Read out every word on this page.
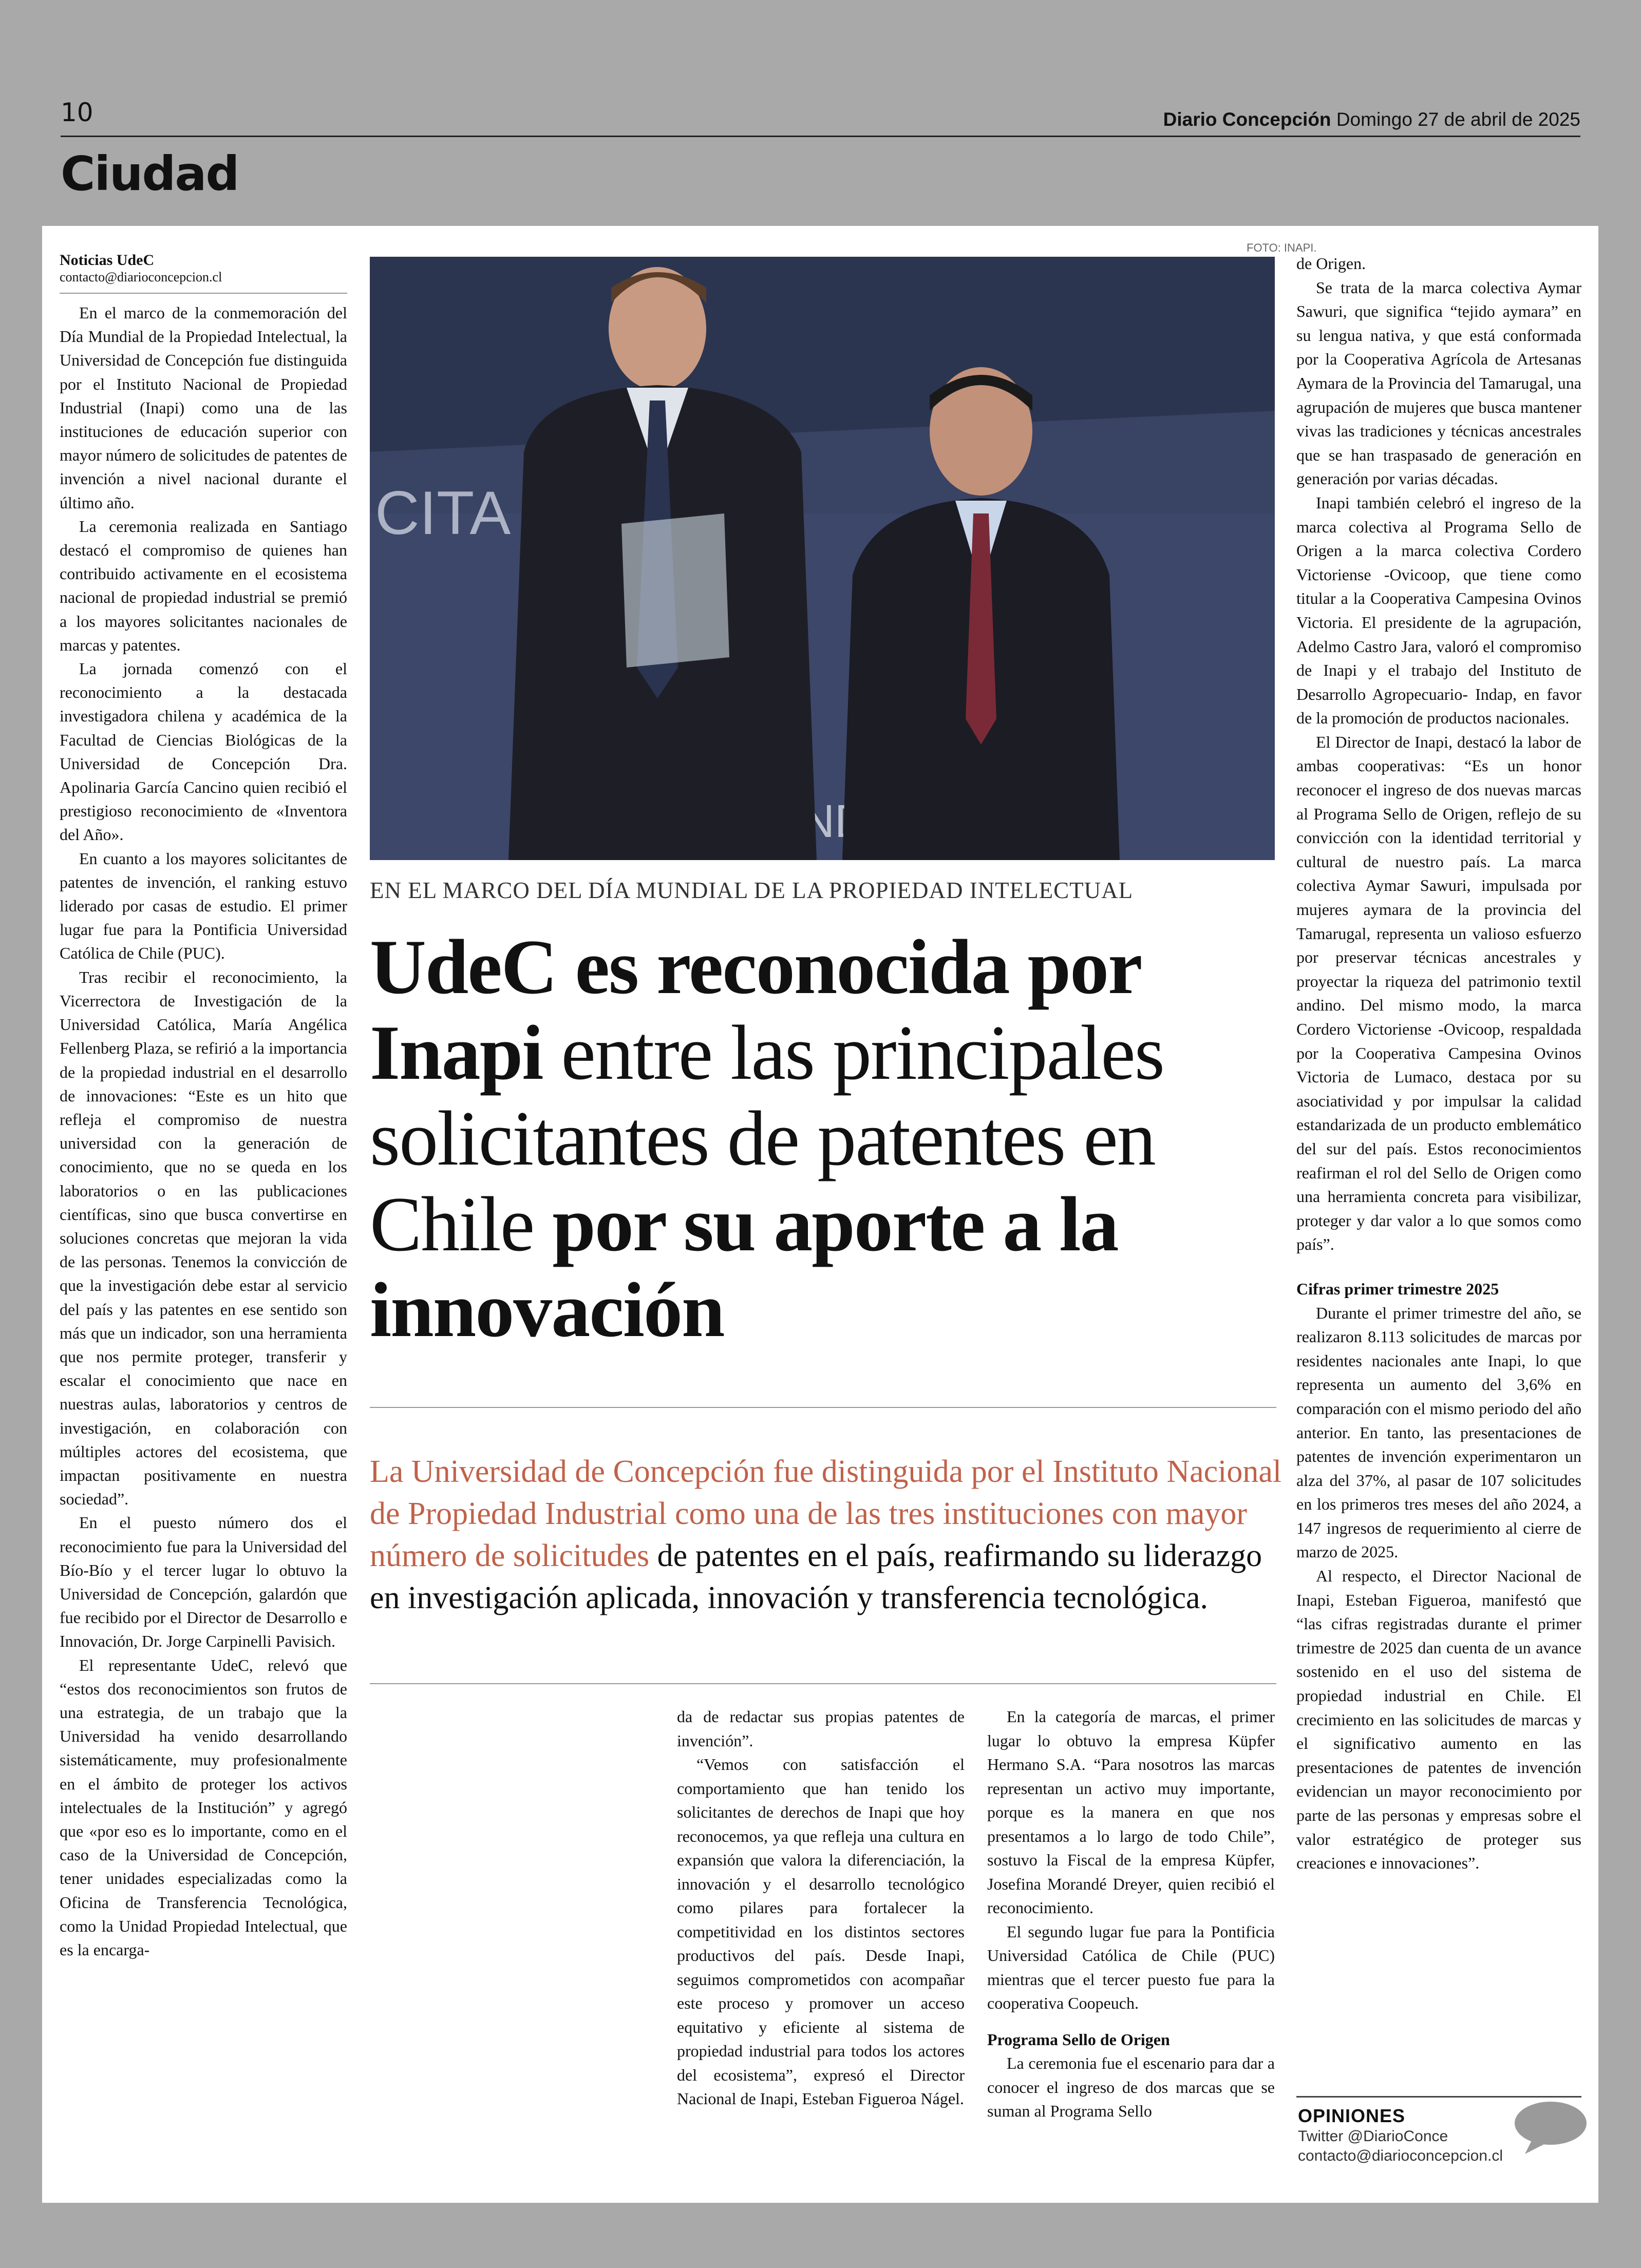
10	Diario Concepción Domingo 27 de abril de 2025
Ciudad
Noticias UdeC
contacto@diarioconcepcion.cl

En el marco de la conmemoración del Día Mundial de la Propiedad Intelectual, la Universidad de Concepción fue distinguida por el Instituto Nacional de Propiedad Industrial (Inapi) como una de las instituciones de educación superior con mayor número de solicitudes de patentes de invención a nivel nacional durante el último año.

La ceremonia realizada en Santiago destacó el compromiso de quienes han contribuido activamente en el ecosistema nacional de propiedad industrial se premió a los mayores solicitantes nacionales de marcas y patentes.

La jornada comenzó con el reconocimiento a la destacada investigadora chilena y académica de la Facultad de Ciencias Biológicas de la Universidad de Concepción Dra. Apolinaria García Cancino quien recibió el prestigioso reconocimiento de «Inventora del Año».

En cuanto a los mayores solicitantes de patentes de invención, el ranking estuvo liderado por casas de estudio. El primer lugar fue para la Pontificia Universidad Católica de Chile (PUC).

Tras recibir el reconocimiento, la Vicerrectora de Investigación de la Universidad Católica, María Angélica Fellenberg Plaza, se refirió a la importancia de la propiedad industrial en el desarrollo de innovaciones: “Este es un hito que refleja el compromiso de nuestra universidad con la generación de conocimiento, que no se queda en los laboratorios o en las publicaciones científicas, sino que busca convertirse en soluciones concretas que mejoran la vida de las personas. Tenemos la convicción de que la investigación debe estar al servicio del país y las patentes en ese sentido son más que un indicador, son una herramienta que nos permite proteger, transferir y escalar el conocimiento que nace en nuestras aulas, laboratorios y centros de investigación, en colaboración con múltiples actores del ecosistema, que impactan positivamente en nuestra sociedad”.

En el puesto número dos el reconocimiento fue para la Universidad del Bío-Bío y el tercer lugar lo obtuvo la Universidad de Concepción, galardón que fue recibido por el Director de Desarrollo e Innovación, Dr. Jorge Carpinelli Pavisich.

El representante UdeC, relevó que “estos dos reconocimientos son frutos de una estrategia, de un trabajo que la Universidad ha venido desarrollando sistemáticamente, muy profesionalmente en el ámbito de proteger los activos intelectuales de la Institución” y agregó que «por eso es lo importante, como en el caso de la Universidad de Concepción, tener unidades especializadas como la Oficina de Transferencia Tecnológica, como la Unidad Propiedad Intelectual, que es la encarga-

FOTO: INAPI.
CITA
EN EL MARCO DEL DÍA MUNDIAL DE LA PROPIEDAD INTELECTUAL
UdeC es reconocida por Inapi entre las principales solicitantes de patentes en Chile por su aporte a la innovación
La Universidad de Concepción fue distinguida por el Instituto Nacional de Propiedad Industrial como una de las tres instituciones con mayor número de solicitudes de patentes en el país, reafirmando su liderazgo en investigación aplicada, innovación y transferencia tecnológica.

da de redactar sus propias patentes de invención”.

“Vemos con satisfacción el comportamiento que han tenido los solicitantes de derechos de Inapi que hoy reconocemos, ya que refleja una cultura en expansión que valora la diferenciación, la innovación y el desarrollo tecnológico como pilares para fortalecer la competitividad en los distintos sectores productivos del país. Desde Inapi, seguimos comprometidos con acompañar este proceso y promover un acceso equitativo y eficiente al sistema de propiedad industrial para todos los actores del ecosistema”, expresó el Director Nacional de Inapi, Esteban Figueroa Nágel.

En la categoría de marcas, el primer lugar lo obtuvo la empresa Küpfer Hermano S.A. “Para nosotros las marcas representan un activo muy importante, porque es la manera en que nos presentamos a lo largo de todo Chile”, sostuvo la Fiscal de la empresa Küpfer, Josefina Morandé Dreyer, quien recibió el reconocimiento.

El segundo lugar fue para la Pontificia Universidad Católica de Chile (PUC) mientras que el tercer puesto fue para la cooperativa Coopeuch.

Programa Sello de Origen

La ceremonia fue el escenario para dar a conocer el ingreso de dos marcas que se suman al Programa Sello

de Origen.

Se trata de la marca colectiva Aymar Sawuri, que significa “tejido aymara” en su lengua nativa, y que está conformada por la Cooperativa Agrícola de Artesanas Aymara de la Provincia del Tamarugal, una agrupación de mujeres que busca mantener vivas las tradiciones y técnicas ancestrales que se han traspasado de generación en generación por varias décadas.

Inapi también celebró el ingreso de la marca colectiva al Programa Sello de Origen a la marca colectiva Cordero Victoriense -Ovicoop, que tiene como titular a la Cooperativa Campesina Ovinos Victoria. El presidente de la agrupación, Adelmo Castro Jara, valoró el compromiso de Inapi y el trabajo del Instituto de Desarrollo Agropecuario- Indap, en favor de la promoción de productos nacionales.

El Director de Inapi, destacó la labor de ambas cooperativas: “Es un honor reconocer el ingreso de dos nuevas marcas al Programa Sello de Origen, reflejo de su convicción con la identidad territorial y cultural de nuestro país. La marca colectiva Aymar Sawuri, impulsada por mujeres aymara de la provincia del Tamarugal, representa un valioso esfuerzo por preservar técnicas ancestrales y proyectar la riqueza del patrimonio textil andino. Del mismo modo, la marca Cordero Victoriense -Ovicoop, respaldada por la Cooperativa Campesina Ovinos Victoria de Lumaco, destaca por su asociatividad y por impulsar la calidad estandarizada de un producto emblemático del sur del país. Estos reconocimientos reafirman el rol del Sello de Origen como una herramienta concreta para visibilizar, proteger y dar valor a lo que somos como país”.

Cifras primer trimestre 2025

Durante el primer trimestre del año, se realizaron 8.113 solicitudes de marcas por residentes nacionales ante Inapi, lo que representa un aumento del 3,6% en comparación con el mismo periodo del año anterior. En tanto, las presentaciones de patentes de invención experimentaron un alza del 37%, al pasar de 107 solicitudes en los primeros tres meses del año 2024, a 147 ingresos de requerimiento al cierre de marzo de 2025.

Al respecto, el Director Nacional de Inapi, Esteban Figueroa, manifestó que “las cifras registradas durante el primer trimestre de 2025 dan cuenta de un avance sostenido en el uso del sistema de propiedad industrial en Chile. El crecimiento en las solicitudes de marcas y el significativo aumento en las presentaciones de patentes de invención evidencian un mayor reconocimiento por parte de las personas y empresas sobre el valor estratégico de proteger sus creaciones e innovaciones”.

OPINIONES
Twitter @DiarioConce
contacto@diarioconcepcion.cl
